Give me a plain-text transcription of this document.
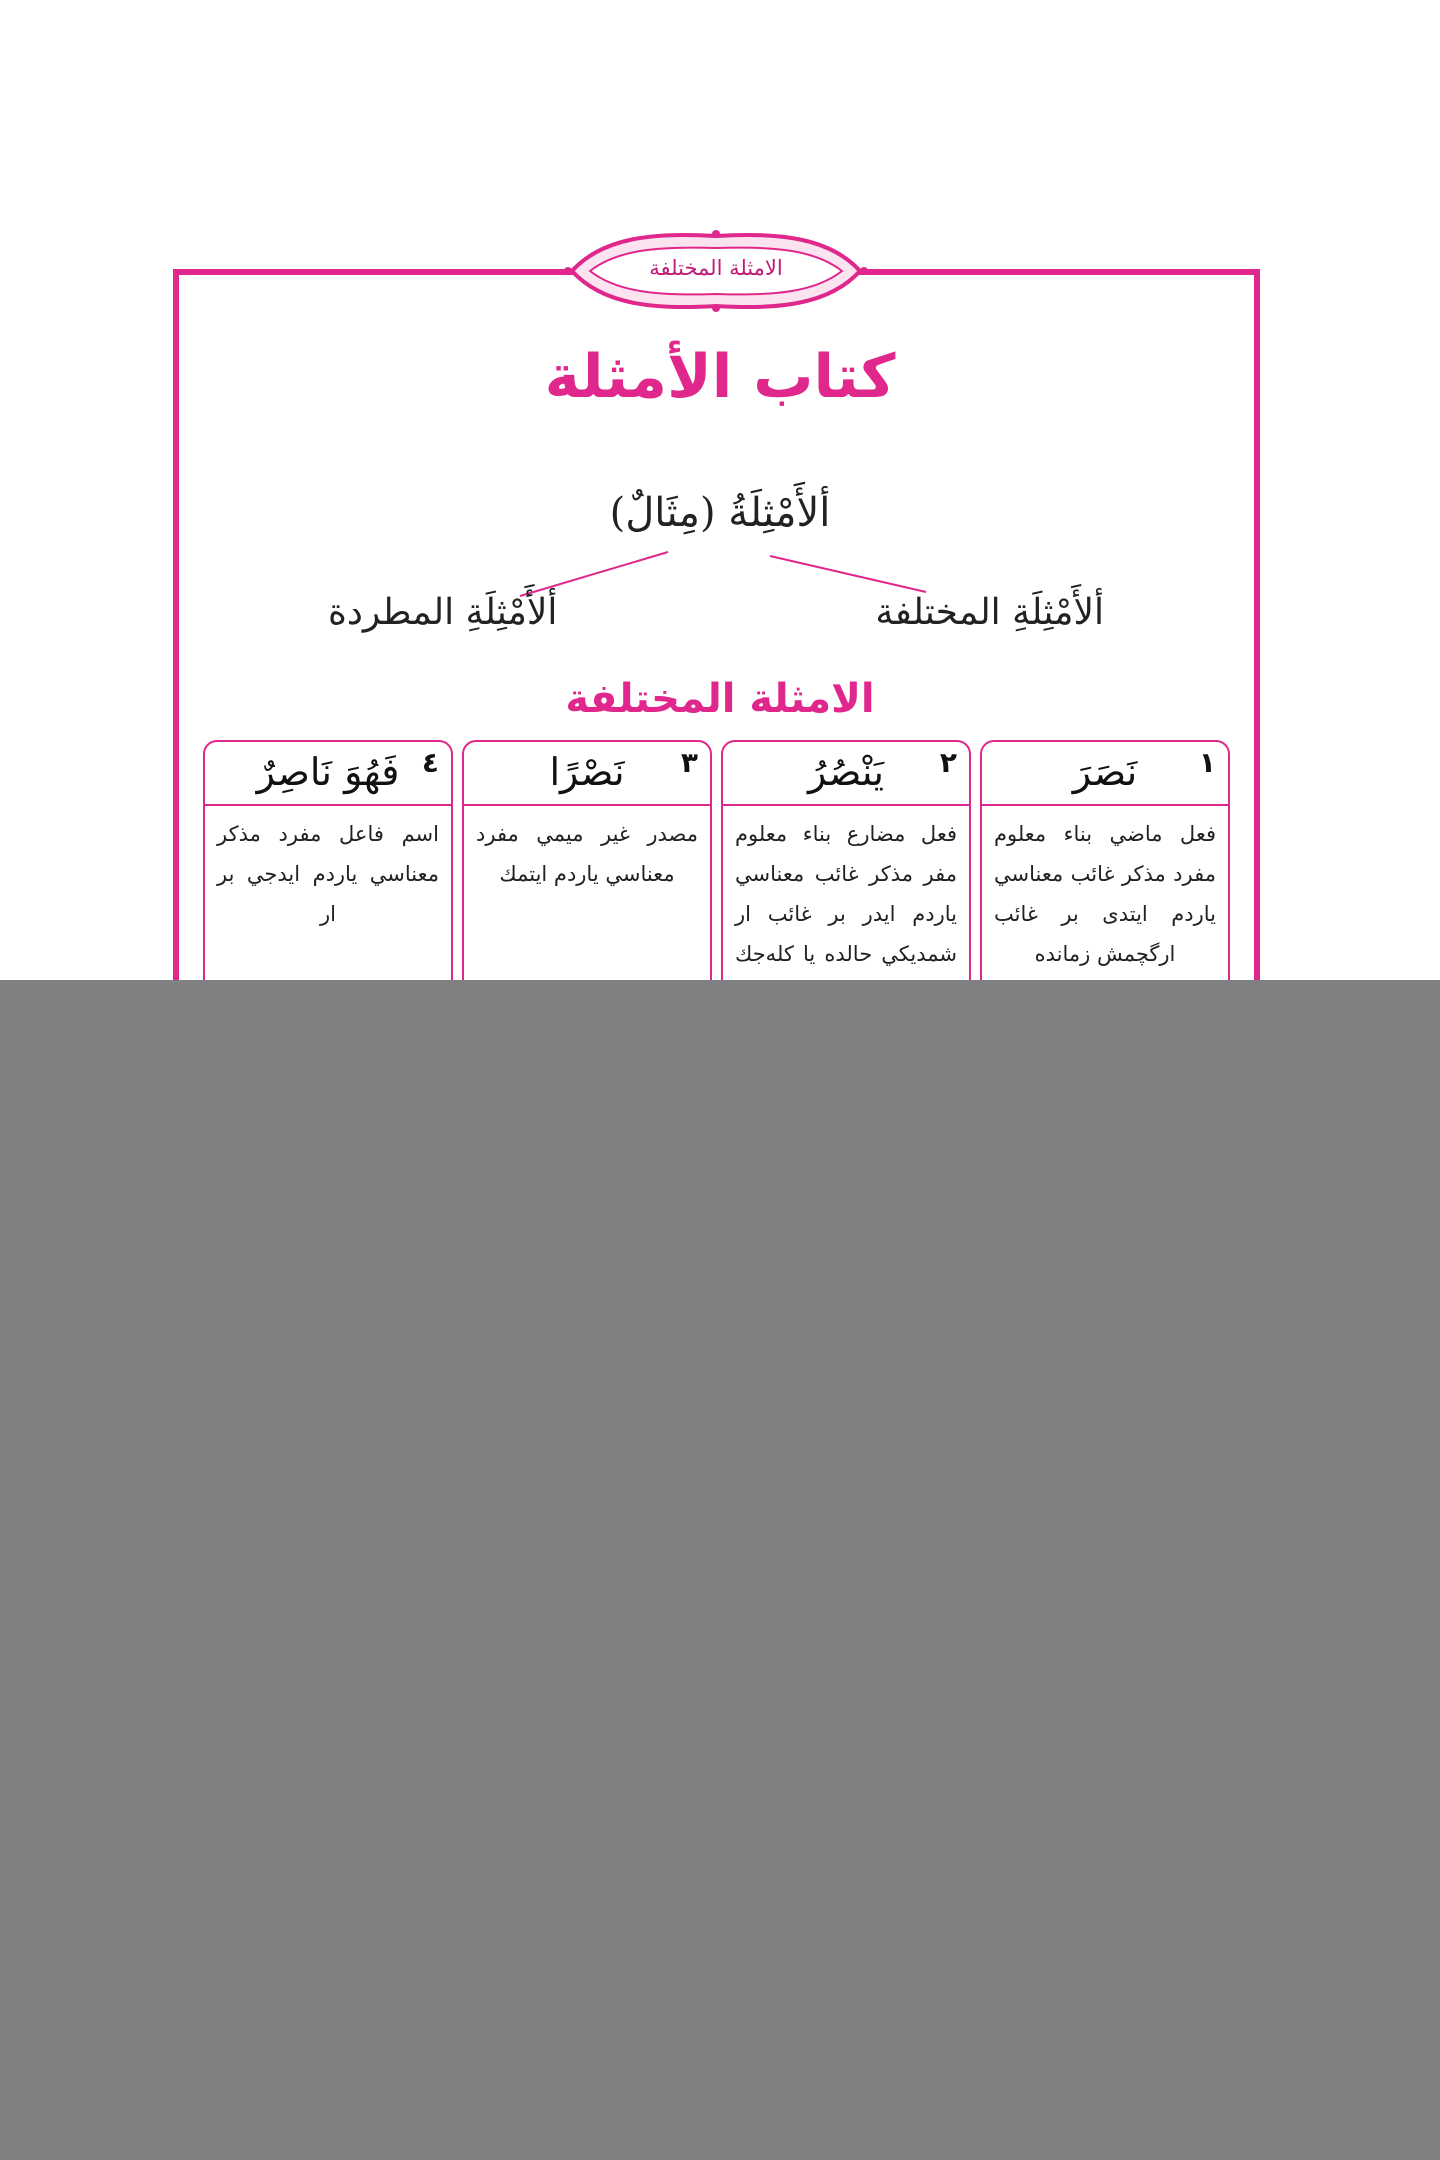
الامثلة المختلفة
كتاب الأمثلة
ألأَمْثِلَةُ (مِثَالٌ)
ألأَمْثِلَةِ المختلفة
ألأَمْثِلَةِ المطردة
الامثلة المختلفة
١
نَصَرَ
فعل ماضي بناء معلوم مفرد مذكر غائب معناسي ياردم ايتدى بر غائب ارگچمش زمانده
٢
يَنْصُرُ
فعل مضارع بناء معلوم مفر مذكر غائب معناسي ياردم ايدر بر غائب ار شمديكي حالده يا كله‌جك
٣
نَصْرًا
مصدر غير ميمي مفرد معناسي ياردم ايتمك
٤
فَهُوَ نَاصِرٌ
اسم فاعل مفرد مذكر معناسي ياردم ايدجي بر ار
